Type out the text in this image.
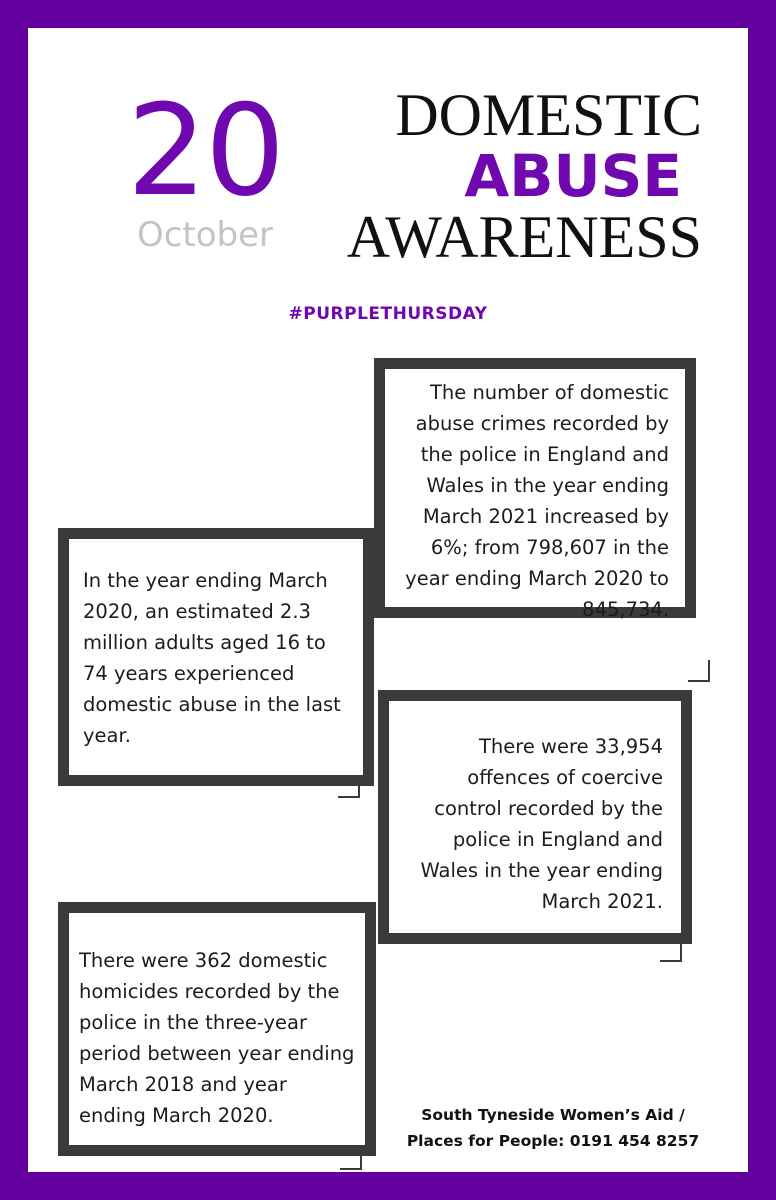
20
October
DOMESTIC
ABUSE
AWARENESS
#PURPLETHURSDAY

The number of domestic abuse crimes recorded by the police in England and Wales in the year ending March 2021 increased by 6%; from 798,607 in the year ending March 2020 to 845,734.

In the year ending March 2020, an estimated 2.3 million adults aged 16 to 74 years experienced domestic abuse in the last year.	There were 33,954 offences of coercive control recorded by the police in England and Wales in the year ending March 2021.

There were 362 domestic homicides recorded by the police in the three-year period between year ending March 2018 and year ending March 2020.	South Tyneside Women’s Aid /
Places for People: 0191 454 8257
